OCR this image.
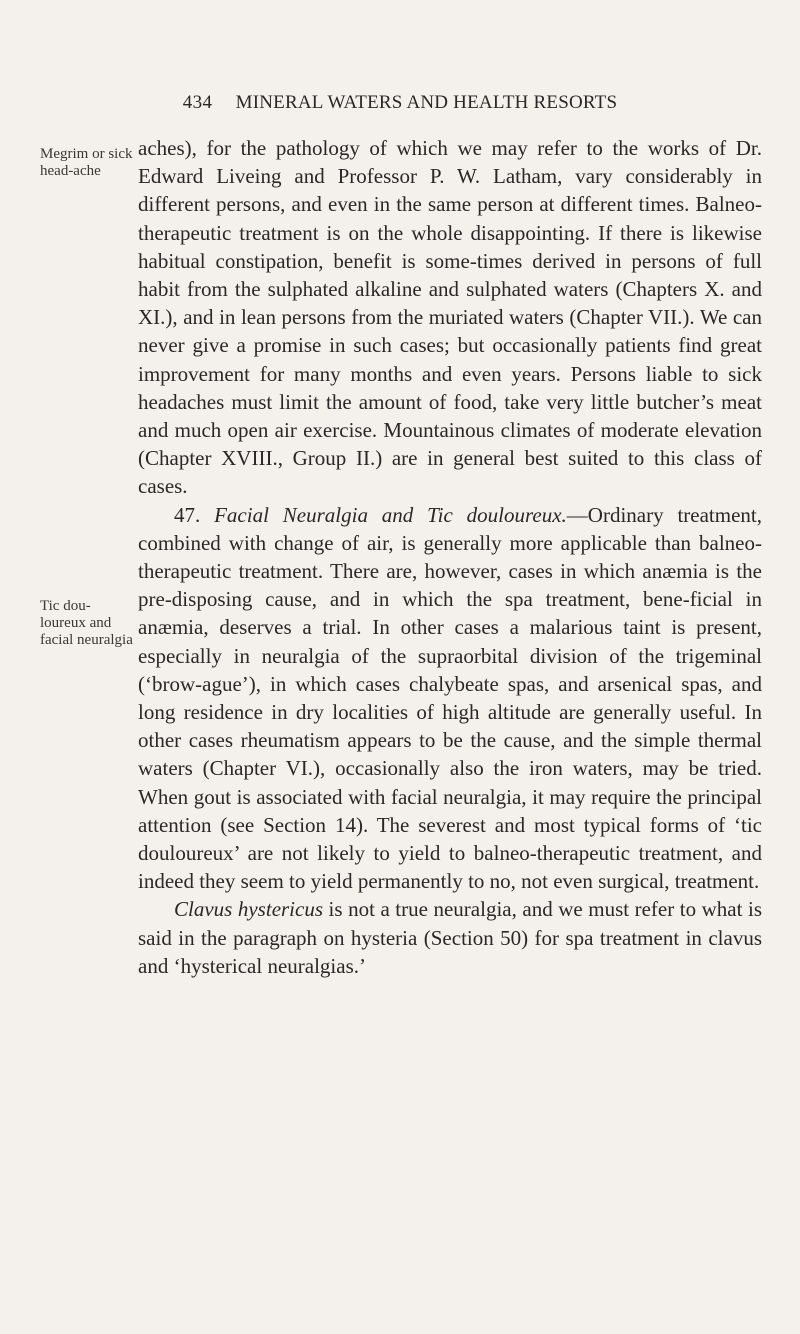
434 MINERAL WATERS AND HEALTH RESORTS
Megrim or sick head-ache
Tic dou-loureux and facial neuralgia

aches), for the pathology of which we may refer to the works of Dr. Edward Liveing and Professor P. W. Latham, vary considerably in different persons, and even in the same person at different times. Balneo-therapeutic treatment is on the whole disappointing. If there is likewise habitual constipation, benefit is some-times derived in persons of full habit from the sulphated alkaline and sulphated waters (Chapters X. and XI.), and in lean persons from the muriated waters (Chapter VII.). We can never give a promise in such cases; but occasionally patients find great improvement for many months and even years. Persons liable to sick headaches must limit the amount of food, take very little butcher’s meat and much open air exercise. Mountainous climates of moderate elevation (Chapter XVIII., Group II.) are in general best suited to this class of cases.

47. Facial Neuralgia and Tic douloureux.—Ordinary treatment, combined with change of air, is generally more applicable than balneo-therapeutic treatment. There are, however, cases in which anæmia is the pre-disposing cause, and in which the spa treatment, bene-ficial in anæmia, deserves a trial. In other cases a malarious taint is present, especially in neuralgia of the supraorbital division of the trigeminal (‘brow-ague’), in which cases chalybeate spas, and arsenical spas, and long residence in dry localities of high altitude are generally useful. In other cases rheumatism appears to be the cause, and the simple thermal waters (Chapter VI.), occasionally also the iron waters, may be tried. When gout is associated with facial neuralgia, it may require the principal attention (see Section 14). The severest and most typical forms of ‘tic douloureux’ are not likely to yield to balneo-therapeutic treatment, and indeed they seem to yield permanently to no, not even surgical, treatment.

Clavus hystericus is not a true neuralgia, and we must refer to what is said in the paragraph on hysteria (Section 50) for spa treatment in clavus and ‘hysterical neuralgias.’
